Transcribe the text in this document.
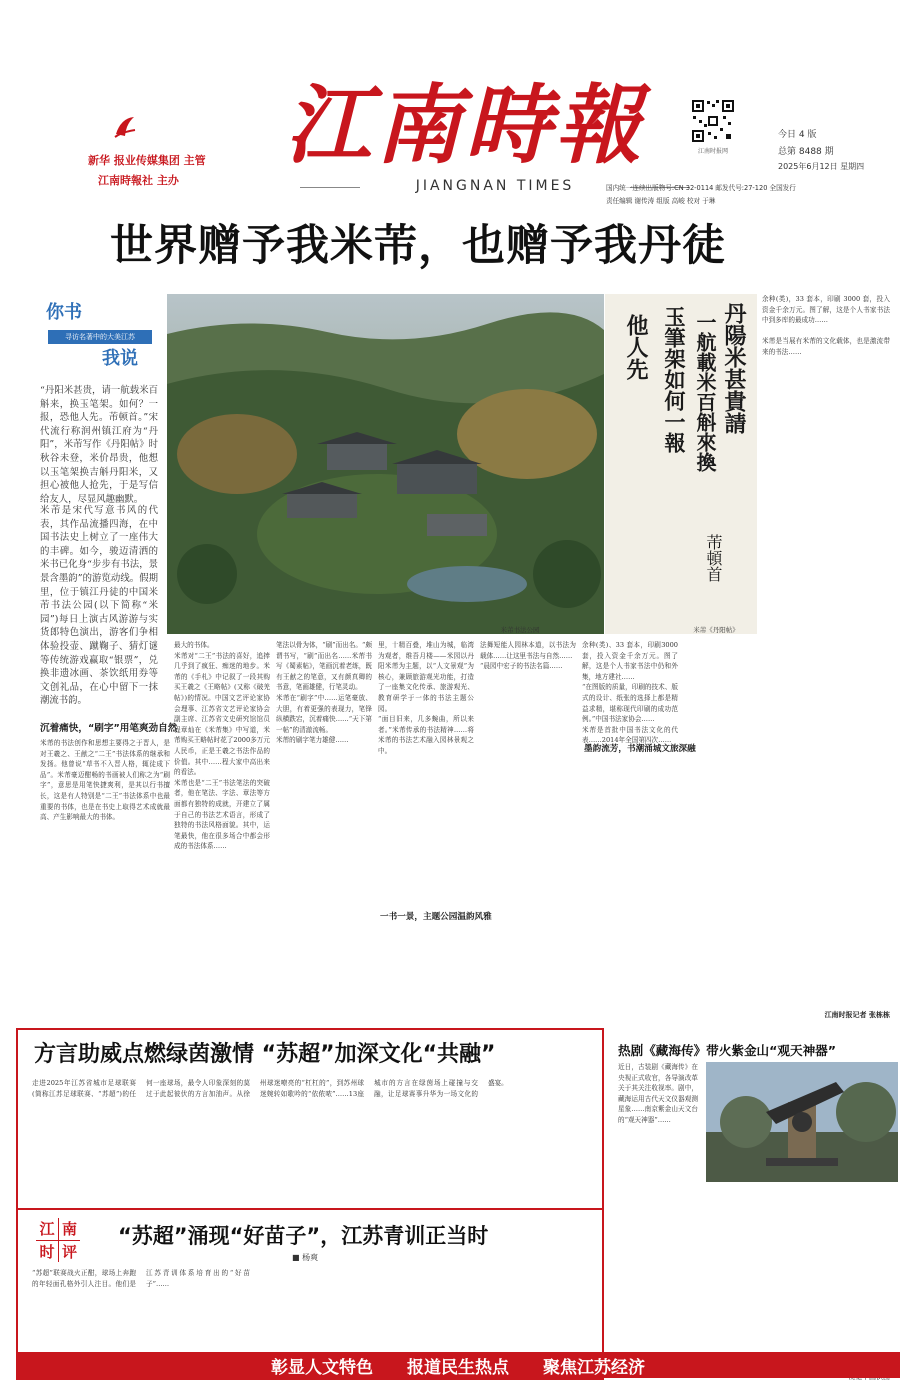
新华 报业传媒集团 主管
江南時報社 主办
江南時報
JIANGNAN TIMES
江南时报网
今日 4 版
总第 8488 期
2025年6月12日 星期四
国内统一连续出版物号:CN 32-0114 邮发代号:27-120 全国发行
责任编辑 谢传涛 组版 高峻 校对 于琳
世界赠予我米芾，也赠予我丹徒
你书
寻访名著中的大美江苏
我说
“丹阳米甚贵，请一航载米百斛来，换玉笔架。如何？一报，恐他人先。芾顿首。”宋代流行称润州镇江府为“丹阳”，米芾写作《丹阳帖》时秋谷未登，米价昂贵，他想以玉笔架换吉斛丹阳米，又担心被他人抢先，于是写信给友人，尽显风趣幽默。
米芾是宋代写意书风的代表，其作品流播四海，在中国书法史上树立了一座伟大的丰碑。如今，骏迈清洒的米书已化身“步步有书法，景景含墨韵”的游览动线。假期里，位于镇江丹徒的中国米芾书法公园(以下简称“米园”)每日上演古风游游与实货郎特色演出，游客们争相体验投壶、蹴鞠子、猜灯谜等传统游戏赢取“银票”，兑换非遗冰画、茶饮纸用券等文创礼品，在心中留下一抹潮流书韵。
沉着痛快，“刷字”用笔爽劲自然
米芾的书法创作和思想主要得之于晋人，是对王羲之、王献之“二王”书法体系的继承和发扬。他曾说“草书不入晋人格，辄徒成下品”。米芾豪迈酣畅的书画被人们称之为“刷字”，意思是用笔快捷爽利，是其以行书擅长，这是有人特别是“二王”书法体系中也最重要的书体，也是在书史上取得艺术成就最高、产生影响最大的书体。
米芾书法公园
丹陽米甚貴請
一航載米百斛來換
玉筆架如何一報
他人先
芾頓首
米芾《丹阳帖》
余种(类)，33 套本，印刷 3000 套，投入资金千余万元。图了解，这是个人书家书法中到多库的最成功……

米芾是当展有米芾的文化载体，也是激流带来的书法……
最大的书体。
米芾对“二王”书法的喜好，追捧几乎到了疯狂、痴迷的地步。米芾的《手札》中记叙了一段其购买王羲之《王略帖》(又称《破羌帖》)的情况。中国文艺评论家协会理事、江苏省文艺评论家协会副主席、江苏省文史研究馆馆员程章灿在《米芾集》中写道，米芾购买王略帖时花了2000多万元人民币，正是王羲之书法作品的价值。其中……程大家中高出来的看法。
米芾也是“二王”书法笔法的突破者，他在笔法、字法、章法等方面都有独特的成就，开建立了属于自己的书法艺术语言，形成了独特的书法风格面貌。其中，运笔最快，他在很多场合中都会形成的书法体系……
笔法以骨为体，“刷”而出名。“颇谓书写，“刷”而出名……米芾书写《蜀素帖》，笔画沉着老练，既有王献之的笔意，又有颜真卿的书意，笔画雄健，行笔灵动。
米芾在“刷字”中……运笔豪放、大胆，有着更强的表现力，笔锋纵横跌宕，沉着痛快……“天下第一帖”的清澈流畅。
米芾的刷字笔力雄健……
一书一景，主题公园温韵风雅
里，十精百叠，堆山为城，临湾为观者，维吾月楼——米园以丹阳米芾为主题，以“人文景观”为核心，兼顾旅游观光功能，打造了一座集文化传承、旅游观光、教育研学于一体的书法主题公园。
“面目旧来，几多蜿曲，所以来者。”米芾传承的书法精神……将米芾的书法艺术融入园林景观之中。
法舞短能人园林本道，以书法为载体……让这里书法与自然……
“晨园中宏子的书法名篇……
墨韵流芳，书潮涌城文旅深融
余种(类)、33 套本，印刷3000 套，投入资金千余万元。图了解，这是个人书家书法中仍和外集，地方建社……
“在图版的质量，印刷的技术、版式的设计、纸张的选择上都是精益求精，堪称现代印刷的成功范例。”中国书法家协会……
米芾是首批中国书法文化的代表……2014年全国第四次……
江南时报记者 张栋栋
方言助威点燃绿茵激情 “苏超”加深文化“共融”
走进2025年江苏省城市足球联赛(简称江苏足球联赛、“苏超”)的任何一座球场，最令人印象深刻的莫过于此起彼伏的方言加油声。从徐州球迷嘹亮的“杠杠的”，到苏州球迷婉转如歌吟的“依侬哝”……13座城市的方言在绿茵场上碰撞与交融，让足球赛事升华为一场文化的盛宴。
热剧《藏海传》带火紫金山“观天神器”
近日，古装剧《藏海传》在央视正式收官，各导演改革关于其关注收视率。剧中，藏海运用古代天文仪器观测星象……南京紫金山天文台的“观天神器”……
江 南
时 评
“苏超”涌现“好苗子”，江苏青训正当时
■ 杨爽
“苏超”联赛战火正酣，球场上奔跑的年轻面孔格外引人注目。他们是江苏青训体系培育出的“好苗子”……
彰显人文特色 报道民生热点 聚焦江苏经济
